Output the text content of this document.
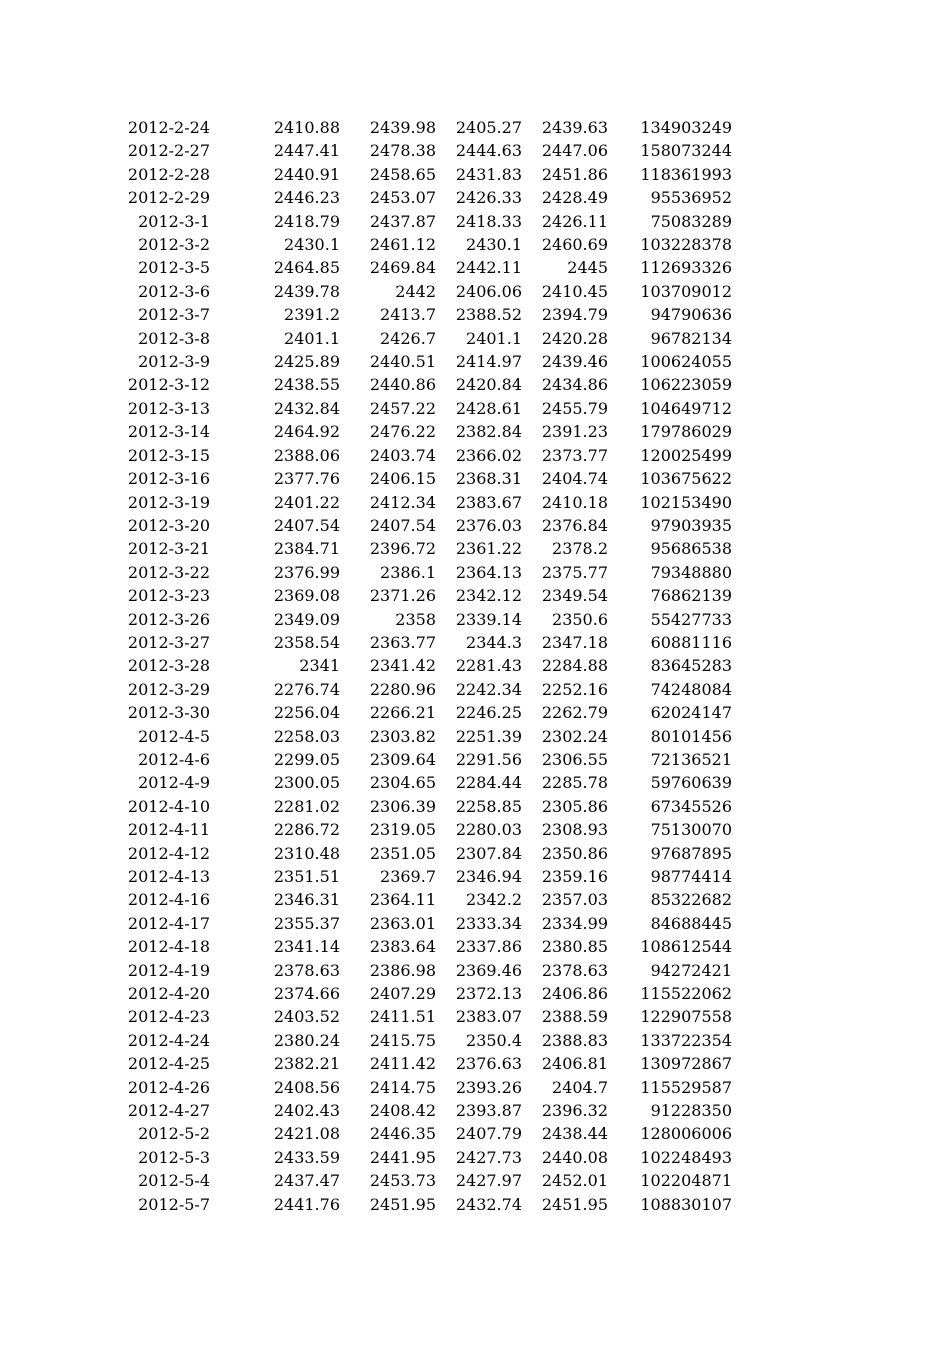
2012-2-24	2410.88	2439.98	2405.27	2439.63	134903249
2012-2-27	2447.41	2478.38	2444.63	2447.06	158073244
2012-2-28	2440.91	2458.65	2431.83	2451.86	118361993
2012-2-29	2446.23	2453.07	2426.33	2428.49	95536952
2012-3-1	2418.79	2437.87	2418.33	2426.11	75083289
2012-3-2	2430.1	2461.12	2430.1	2460.69	103228378
2012-3-5	2464.85	2469.84	2442.11	2445	112693326
2012-3-6	2439.78	2442	2406.06	2410.45	103709012
2012-3-7	2391.2	2413.7	2388.52	2394.79	94790636
2012-3-8	2401.1	2426.7	2401.1	2420.28	96782134
2012-3-9	2425.89	2440.51	2414.97	2439.46	100624055
2012-3-12	2438.55	2440.86	2420.84	2434.86	106223059
2012-3-13	2432.84	2457.22	2428.61	2455.79	104649712
2012-3-14	2464.92	2476.22	2382.84	2391.23	179786029
2012-3-15	2388.06	2403.74	2366.02	2373.77	120025499
2012-3-16	2377.76	2406.15	2368.31	2404.74	103675622
2012-3-19	2401.22	2412.34	2383.67	2410.18	102153490
2012-3-20	2407.54	2407.54	2376.03	2376.84	97903935
2012-3-21	2384.71	2396.72	2361.22	2378.2	95686538
2012-3-22	2376.99	2386.1	2364.13	2375.77	79348880
2012-3-23	2369.08	2371.26	2342.12	2349.54	76862139
2012-3-26	2349.09	2358	2339.14	2350.6	55427733
2012-3-27	2358.54	2363.77	2344.3	2347.18	60881116
2012-3-28	2341	2341.42	2281.43	2284.88	83645283
2012-3-29	2276.74	2280.96	2242.34	2252.16	74248084
2012-3-30	2256.04	2266.21	2246.25	2262.79	62024147
2012-4-5	2258.03	2303.82	2251.39	2302.24	80101456
2012-4-6	2299.05	2309.64	2291.56	2306.55	72136521
2012-4-9	2300.05	2304.65	2284.44	2285.78	59760639
2012-4-10	2281.02	2306.39	2258.85	2305.86	67345526
2012-4-11	2286.72	2319.05	2280.03	2308.93	75130070
2012-4-12	2310.48	2351.05	2307.84	2350.86	97687895
2012-4-13	2351.51	2369.7	2346.94	2359.16	98774414
2012-4-16	2346.31	2364.11	2342.2	2357.03	85322682
2012-4-17	2355.37	2363.01	2333.34	2334.99	84688445
2012-4-18	2341.14	2383.64	2337.86	2380.85	108612544
2012-4-19	2378.63	2386.98	2369.46	2378.63	94272421
2012-4-20	2374.66	2407.29	2372.13	2406.86	115522062
2012-4-23	2403.52	2411.51	2383.07	2388.59	122907558
2012-4-24	2380.24	2415.75	2350.4	2388.83	133722354
2012-4-25	2382.21	2411.42	2376.63	2406.81	130972867
2012-4-26	2408.56	2414.75	2393.26	2404.7	115529587
2012-4-27	2402.43	2408.42	2393.87	2396.32	91228350
2012-5-2	2421.08	2446.35	2407.79	2438.44	128006006
2012-5-3	2433.59	2441.95	2427.73	2440.08	102248493
2012-5-4	2437.47	2453.73	2427.97	2452.01	102204871
2012-5-7	2441.76	2451.95	2432.74	2451.95	108830107
